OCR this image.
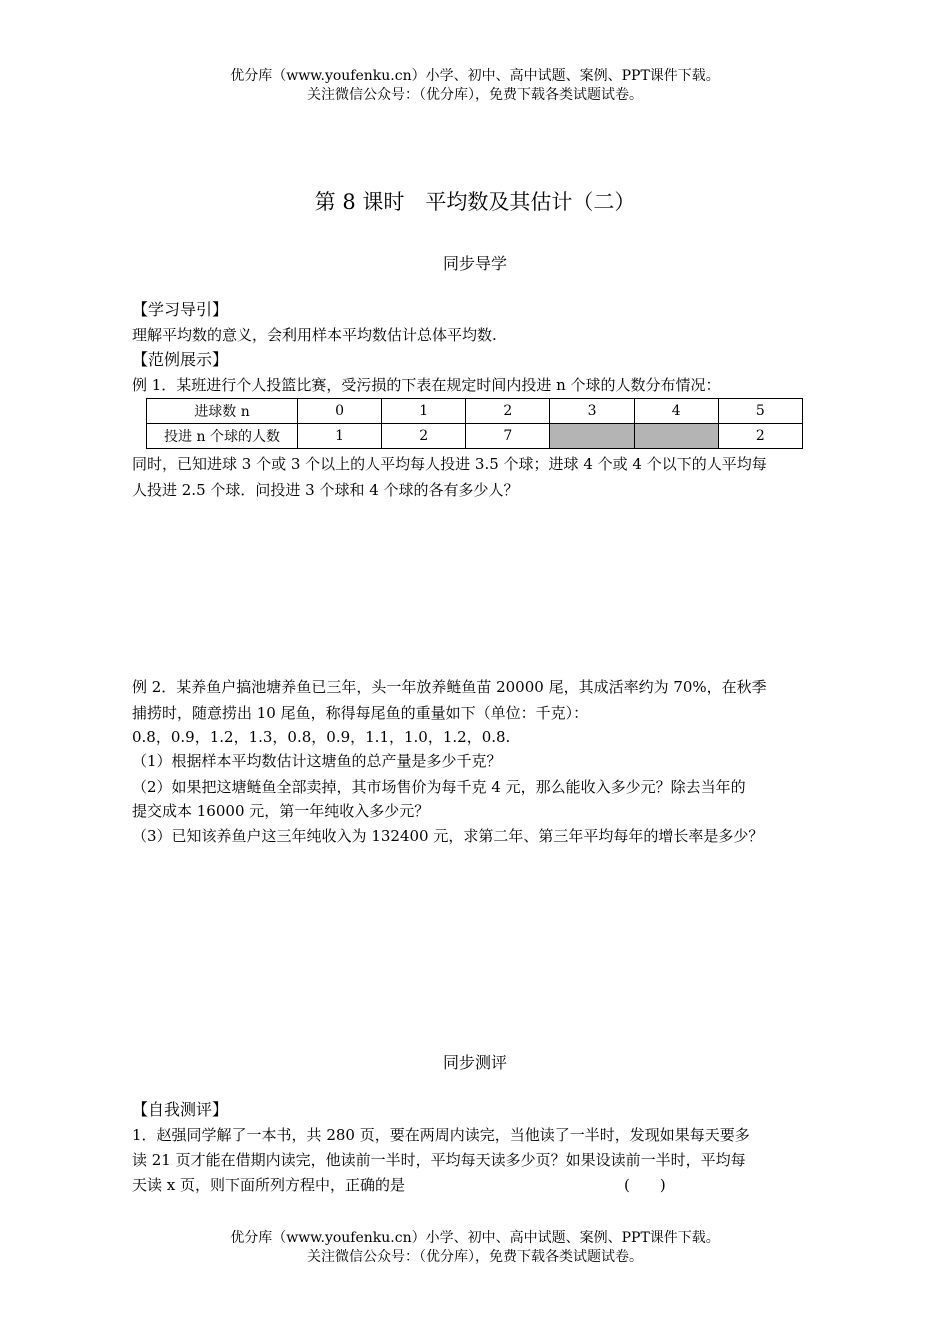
优分库（www.youfenku.cn）小学、初中、高中试题、案例、PPT课件下载。
关注微信公众号：（优分库），免费下载各类试题试卷。
第 8 课时　平均数及其估计（二）
同步导学
【学习导引】
理解平均数的意义，会利用样本平均数估计总体平均数.
【范例展示】
例 1．某班进行个人投篮比赛，受污损的下表在规定时间内投进 n 个球的人数分布情况：
进球数 n	0	1	2	3	4	5
投进 n 个球的人数	1	2	7			2
同时，已知进球 3 个或 3 个以上的人平均每人投进 3.5 个球；进球 4 个或 4 个以下的人平均每
人投进 2.5 个球．问投进 3 个球和 4 个球的各有多少人？
例 2．某养鱼户搞池塘养鱼已三年，头一年放养鲢鱼苗 20000 尾，其成活率约为 70%，在秋季
捕捞时，随意捞出 10 尾鱼，称得每尾鱼的重量如下（单位：千克）：
0.8，0.9，1.2，1.3，0.8，0.9，1.1，1.0，1.2，0.8.
（1）根据样本平均数估计这塘鱼的总产量是多少千克？
（2）如果把这塘鲢鱼全部卖掉，其市场售价为每千克 4 元，那么能收入多少元？除去当年的
提交成本 16000 元，第一年纯收入多少元？
（3）已知该养鱼户这三年纯收入为 132400 元，求第二年、第三年平均每年的增长率是多少？
同步测评
【自我测评】
1．赵强同学解了一本书，共 280 页，要在两周内读完，当他读了一半时，发现如果每天要多
读 21 页才能在借期内读完，他读前一半时，平均每天读多少页？如果设读前一半时，平均每
天读 x 页，则下面所列方程中，正确的是	(　　)
优分库（www.youfenku.cn）小学、初中、高中试题、案例、PPT课件下载。
关注微信公众号：（优分库），免费下载各类试题试卷。
